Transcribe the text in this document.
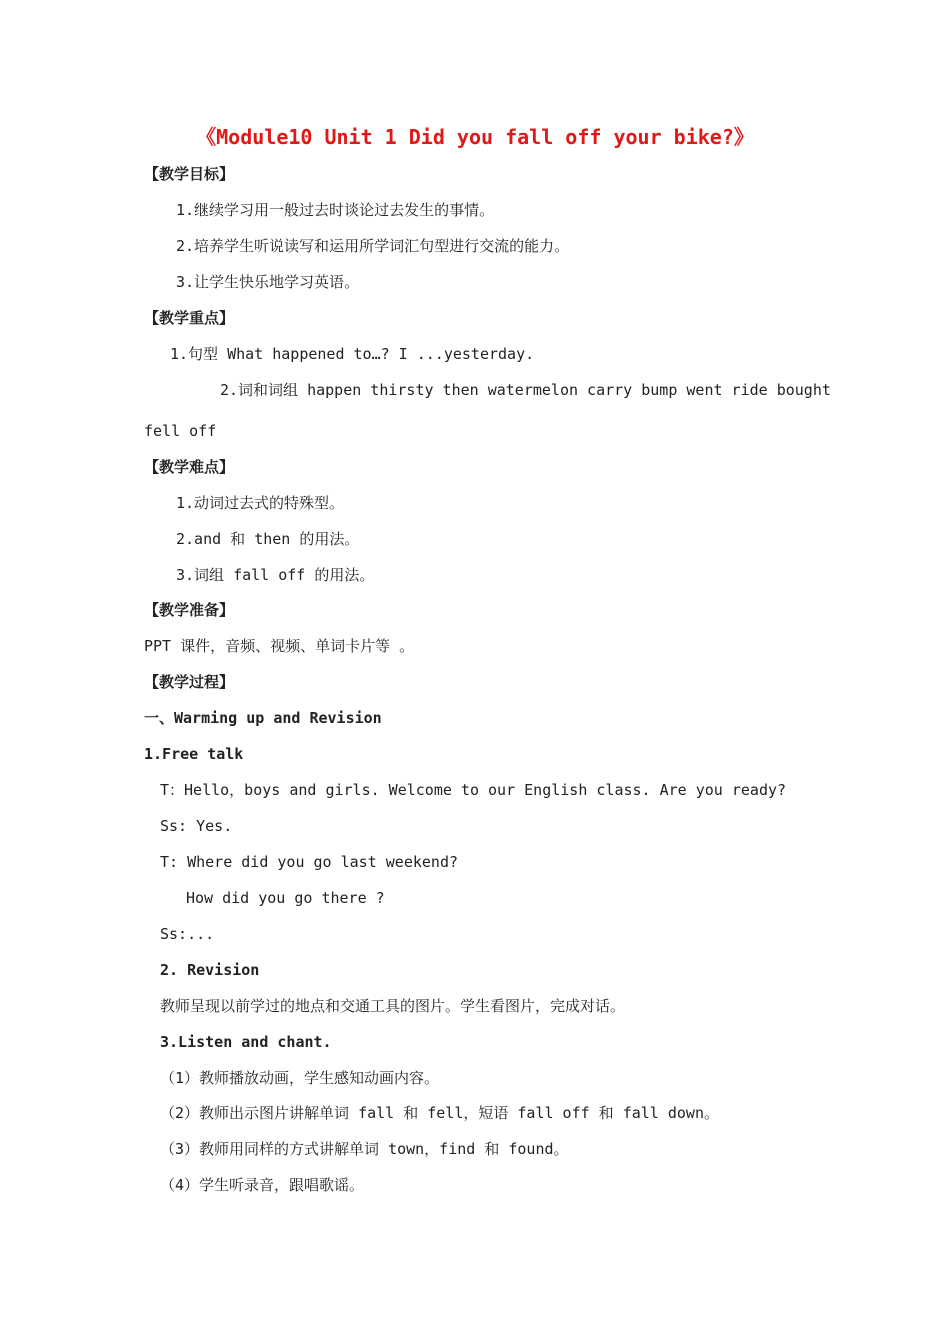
《Module10 Unit 1 Did you fall off your bike?》
【教学目标】
1.继续学习用一般过去时谈论过去发生的事情。
2.培养学生听说读写和运用所学词汇句型进行交流的能力。
3.让学生快乐地学习英语。
【教学重点】
1.句型 What happened to…? I ...yesterday.
2.词和词组 happen thirsty then watermelon carry bump went ride bought
fell off
【教学难点】
1.动词过去式的特殊型。
2.and 和 then 的用法。
3.词组 fall off 的用法。
【教学准备】
PPT 课件，音频、视频、单词卡片等 。
【教学过程】
一、Warming up and Revision
1.Free talk
T：Hello，boys and girls. Welcome to our English class. Are you ready?
Ss: Yes.
T: Where did you go last weekend?
How did you go there ?
Ss:...
2. Revision
教师呈现以前学过的地点和交通工具的图片。学生看图片，完成对话。
3.Listen and chant.
（1）教师播放动画，学生感知动画内容。
（2）教师出示图片讲解单词 fall 和 fell，短语 fall off 和 fall down。
（3）教师用同样的方式讲解单词 town，find 和 found。
（4）学生听录音，跟唱歌谣。
